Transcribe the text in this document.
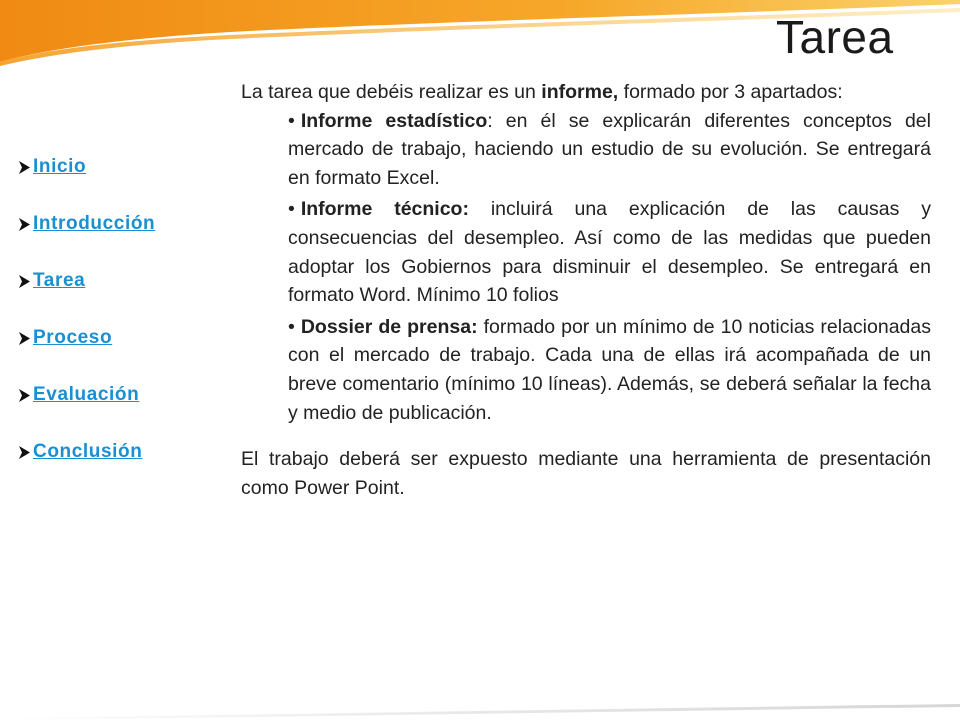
Tarea
Inicio
Introducción
Tarea
Proceso
Evaluación
Conclusión

La tarea que debéis realizar es un informe, formado por 3 apartados:

• Informe estadístico: en él se explicarán diferentes conceptos del mercado de trabajo, haciendo un estudio de su evolución. Se entregará en formato Excel.
• Informe técnico: incluirá una explicación de las causas y consecuencias del desempleo. Así como de las medidas que pueden adoptar los Gobiernos para disminuir el desempleo. Se entregará en formato Word. Mínimo 10 folios
• Dossier de prensa: formado por un mínimo de 10 noticias relacionadas con el mercado de trabajo. Cada una de ellas irá acompañada de un breve comentario (mínimo 10 líneas). Además, se deberá señalar la fecha y medio de publicación.

El trabajo deberá ser expuesto mediante una herramienta de presentación como Power Point.
